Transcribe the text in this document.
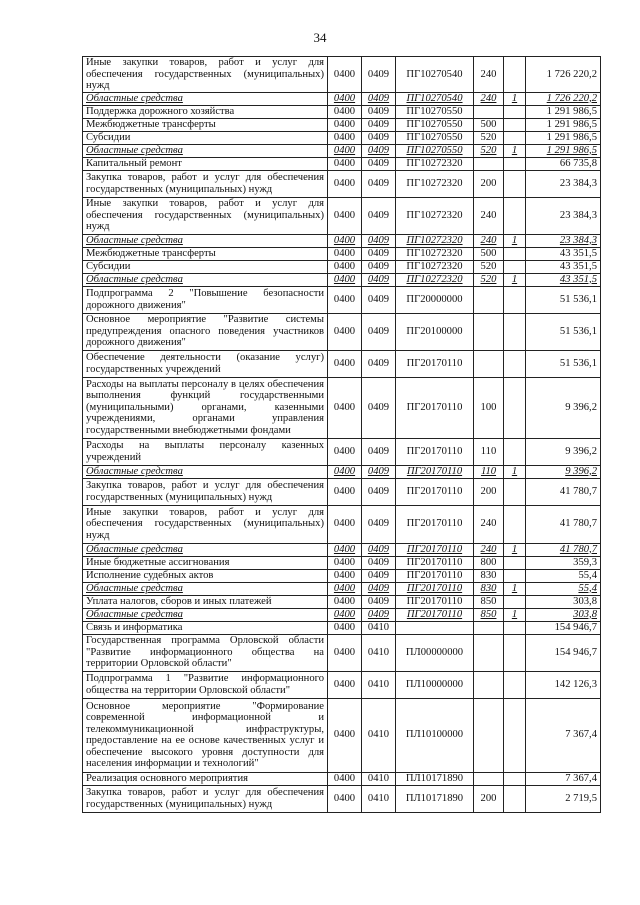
34
Иные закупки товаров, работ и услуг для обеспечения государственных (муниципальных) нужд	0400	0409	ПГ10270540	240		1 726 220,2
Областные средства	0400	0409	ПГ10270540	240	1	1 726 220,2
Поддержка дорожного хозяйства	0400	0409	ПГ10270550			1 291 986,5
Межбюджетные трансферты	0400	0409	ПГ10270550	500		1 291 986,5
Субсидии	0400	0409	ПГ10270550	520		1 291 986,5
Областные средства	0400	0409	ПГ10270550	520	1	1 291 986,5
Капитальный ремонт	0400	0409	ПГ10272320			66 735,8
Закупка товаров, работ и услуг для обеспечения государственных (муниципальных) нужд	0400	0409	ПГ10272320	200		23 384,3
Иные закупки товаров, работ и услуг для обеспечения государственных (муниципальных) нужд	0400	0409	ПГ10272320	240		23 384,3
Областные средства	0400	0409	ПГ10272320	240	1	23 384,3
Межбюджетные трансферты	0400	0409	ПГ10272320	500		43 351,5
Субсидии	0400	0409	ПГ10272320	520		43 351,5
Областные средства	0400	0409	ПГ10272320	520	1	43 351,5
Подпрограмма 2 "Повышение безопасности дорожного движения"	0400	0409	ПГ20000000			51 536,1
Основное мероприятие "Развитие системы предупреждения опасного поведения участников дорожного движения"	0400	0409	ПГ20100000			51 536,1
Обеспечение деятельности (оказание услуг) государственных учреждений	0400	0409	ПГ20170110			51 536,1
Расходы на выплаты персоналу в целях обеспечения выполнения функций государственными (муниципальными) органами, казенными учреждениями, органами управления государственными внебюджетными фондами	0400	0409	ПГ20170110	100		9 396,2
Расходы на выплаты персоналу казенных учреждений	0400	0409	ПГ20170110	110		9 396,2
Областные средства	0400	0409	ПГ20170110	110	1	9 396,2
Закупка товаров, работ и услуг для обеспечения государственных (муниципальных) нужд	0400	0409	ПГ20170110	200		41 780,7
Иные закупки товаров, работ и услуг для обеспечения государственных (муниципальных) нужд	0400	0409	ПГ20170110	240		41 780,7
Областные средства	0400	0409	ПГ20170110	240	1	41 780,7
Иные бюджетные ассигнования	0400	0409	ПГ20170110	800		359,3
Исполнение судебных актов	0400	0409	ПГ20170110	830		55,4
Областные средства	0400	0409	ПГ20170110	830	1	55,4
Уплата налогов, сборов и иных платежей	0400	0409	ПГ20170110	850		303,8
Областные средства	0400	0409	ПГ20170110	850	1	303,8
Связь и информатика	0400	0410				154 946,7
Государственная программа Орловской области "Развитие информационного общества на территории Орловской области"	0400	0410	ПЛ00000000			154 946,7
Подпрограмма 1 "Развитие информационного общества на территории Орловской области"	0400	0410	ПЛ10000000			142 126,3
Основное мероприятие "Формирование современной информационной и телекоммуникационной инфраструктуры, предоставление на ее основе качественных услуг и обеспечение высокого уровня доступности для населения информации и технологий"	0400	0410	ПЛ10100000			7 367,4
Реализация основного мероприятия	0400	0410	ПЛ10171890			7 367,4
Закупка товаров, работ и услуг для обеспечения государственных (муниципальных) нужд	0400	0410	ПЛ10171890	200		2 719,5
